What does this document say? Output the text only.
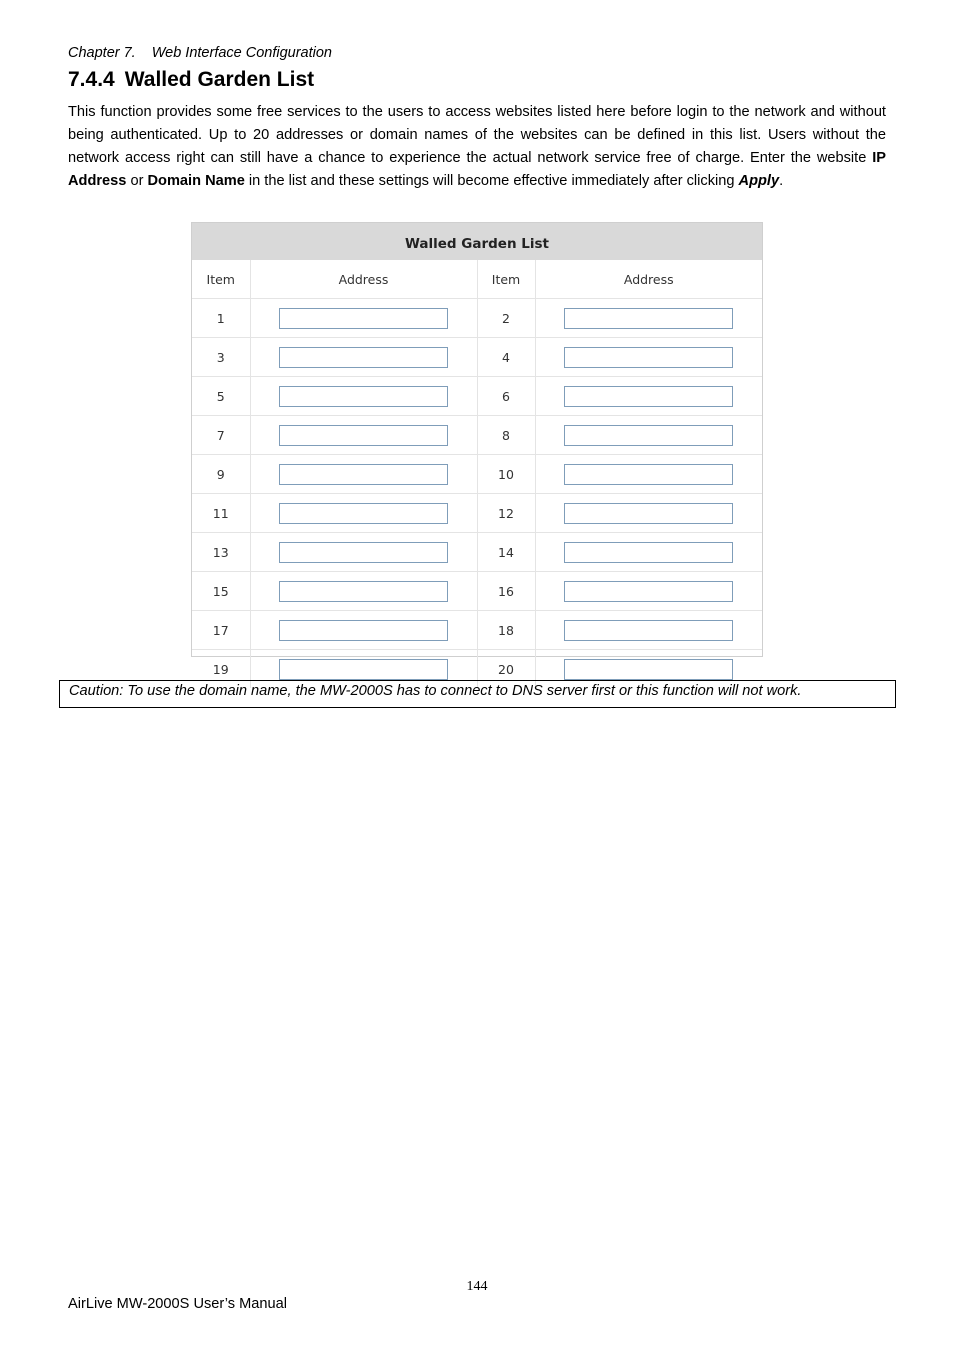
Chapter 7. Web Interface Configuration
7.4.4 Walled Garden List

This function provides some free services to the users to access websites listed here before login to the network and without being authenticated. Up to 20 addresses or domain names of the websites can be defined in this list. Users without the network access right can still have a chance to experience the actual network service free of charge. Enter the website IP Address or Domain Name in the list and these settings will become effective immediately after clicking Apply.

Walled Garden List			
Item	Address	Item	Address
1		2	
3		4	
5		6	
7		8	
9		10	
11		12	
13		14	
15		16	
17		18	
19		20	
Caution: To use the domain name, the MW-2000S has to connect to DNS server first or this function will not work.
144
AirLive MW-2000S User’s Manual
